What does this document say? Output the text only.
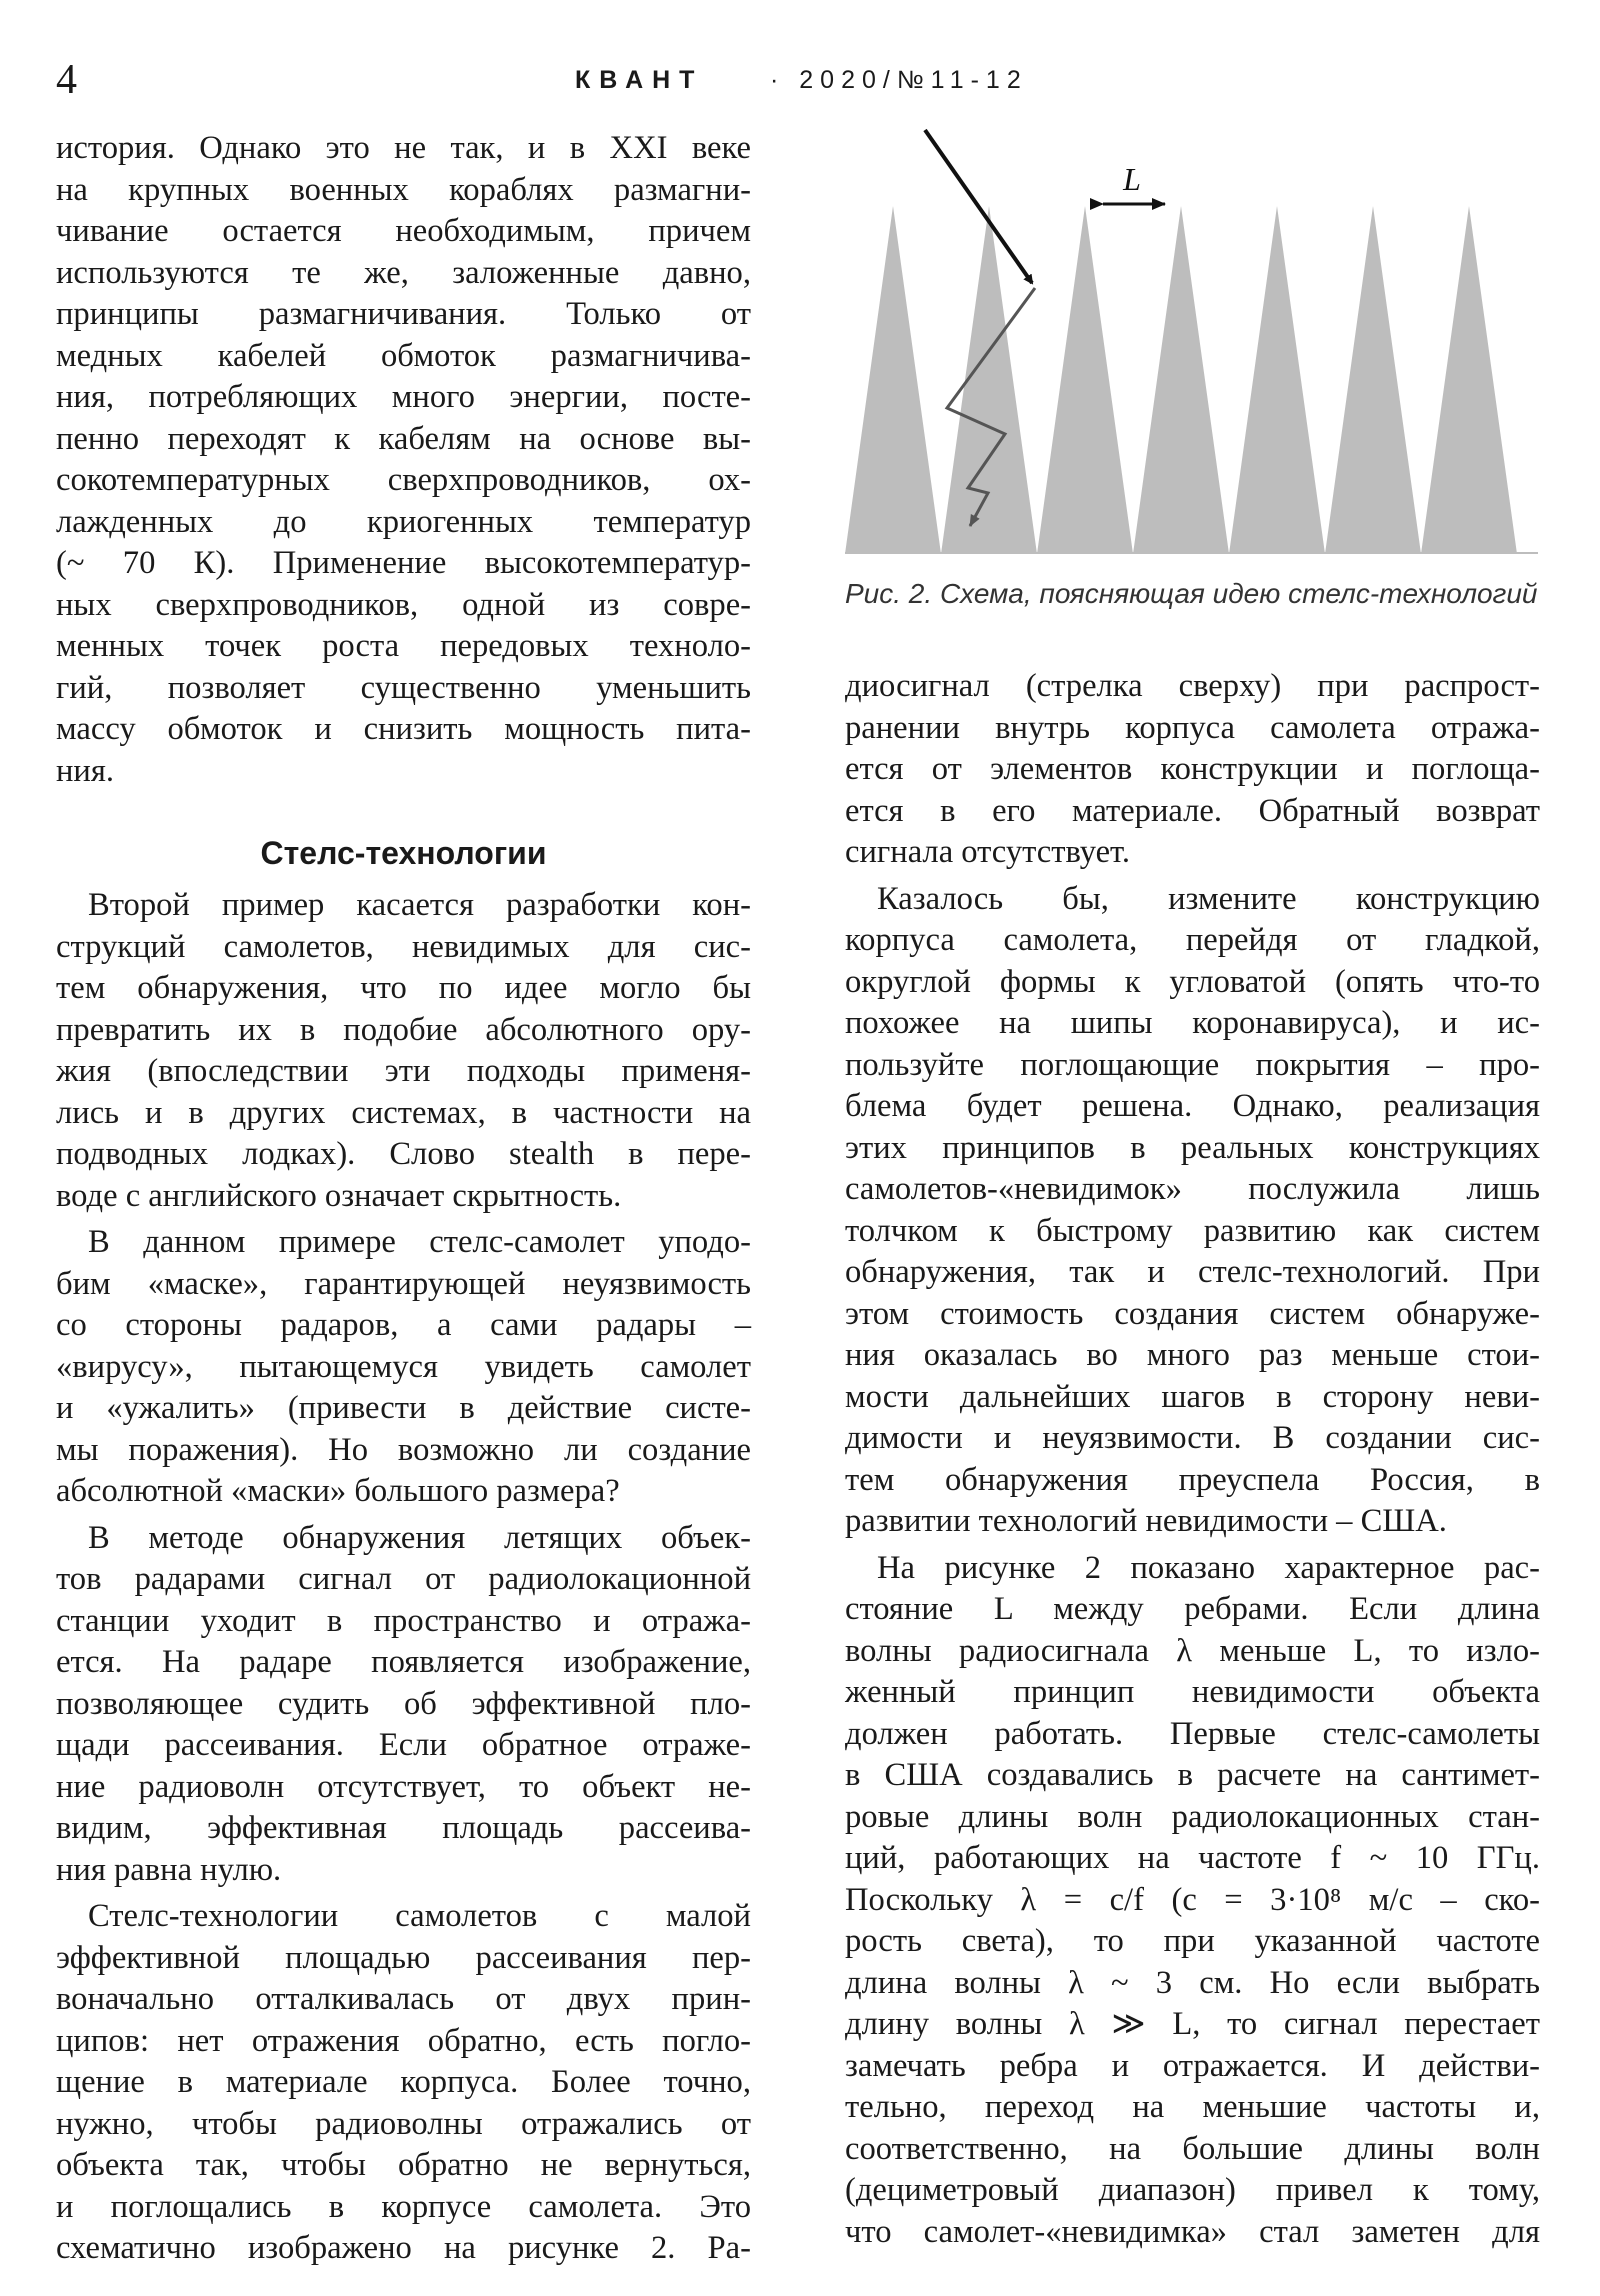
4	КВАНТ	· 2020/№11-12
история. Однако это не так, и в XXI веке
на крупных военных кораблях размагни-
чивание остается необходимым, причем
используются те же, заложенные давно,
принципы размагничивания. Только от
медных кабелей обмоток размагничива-
ния, потребляющих много энергии, посте-
пенно переходят к кабелям на основе вы-
сокотемпературных сверхпроводников, ох-
лажденных до криогенных температур
(~ 70 К). Применение высокотемператур-
ных сверхпроводников, одной из совре-
менных точек роста передовых техноло-
гий, позволяет существенно уменьшить
массу обмоток и снизить мощность пита-
ния.
Стелс-технологии
Второй пример касается разработки кон-
струкций самолетов, невидимых для сис-
тем обнаружения, что по идее могло бы
превратить их в подобие абсолютного ору-
жия (впоследствии эти подходы применя-
лись и в других системах, в частности на
подводных лодках). Слово stealth в пере-
воде с английского означает скрытность.
В данном примере стелс-самолет уподо-
бим «маске», гарантирующей неуязвимость
со стороны радаров, а сами радары –
«вирусу», пытающемуся увидеть самолет
и «ужалить» (привести в действие систе-
мы поражения). Но возможно ли создание
абсолютной «маски» большого размера?
В методе обнаружения летящих объек-
тов радарами сигнал от радиолокационной
станции уходит в пространство и отража-
ется. На радаре появляется изображение,
позволяющее судить об эффективной пло-
щади рассеивания. Если обратное отраже-
ние радиоволн отсутствует, то объект не-
видим, эффективная площадь рассеива-
ния равна нулю.
Стелс-технологии самолетов с малой
эффективной площадью рассеивания пер-
воначально отталкивалась от двух прин-
ципов: нет отражения обратно, есть погло-
щение в материале корпуса. Более точно,
нужно, чтобы радиоволны отражались от
объекта так, чтобы обратно не вернуться,
и поглощались в корпусе самолета. Это
схематично изображено на рисунке 2. Ра-
L
Рис. 2. Схема, поясняющая идею стелс-технологий
диосигнал (стрелка сверху) при распрост-
ранении внутрь корпуса самолета отража-
ется от элементов конструкции и поглоща-
ется в его материале. Обратный возврат
сигнала отсутствует.
Казалось бы, измените конструкцию
корпуса самолета, перейдя от гладкой,
округлой формы к угловатой (опять что-то
похожее на шипы коронавируса), и ис-
пользуйте поглощающие покрытия – про-
блема будет решена. Однако, реализация
этих принципов в реальных конструкциях
самолетов-«невидимок» послужила лишь
толчком к быстрому развитию как систем
обнаружения, так и стелс-технологий. При
этом стоимость создания систем обнаруже-
ния оказалась во много раз меньше стои-
мости дальнейших шагов в сторону неви-
димости и неуязвимости. В создании сис-
тем обнаружения преуспела Россия, в
развитии технологий невидимости – США.
На рисунке 2 показано характерное рас-
стояние L между ребрами. Если длина
волны радиосигнала λ меньше L, то изло-
женный принцип невидимости объекта
должен работать. Первые стелс-самолеты
в США создавались в расчете на сантимет-
ровые длины волн радиолокационных стан-
ций, работающих на частоте f ~ 10 ГГц.
Поскольку λ = c/f (c = 3·10⁸ м/с – ско-
рость света), то при указанной частоте
длина волны λ ~ 3 см. Но если выбрать
длину волны λ ≫ L, то сигнал перестает
замечать ребра и отражается. И действи-
тельно, переход на меньшие частоты и,
соответственно, на большие длины волн
(дециметровый диапазон) привел к тому,
что самолет-«невидимка» стал заметен для
